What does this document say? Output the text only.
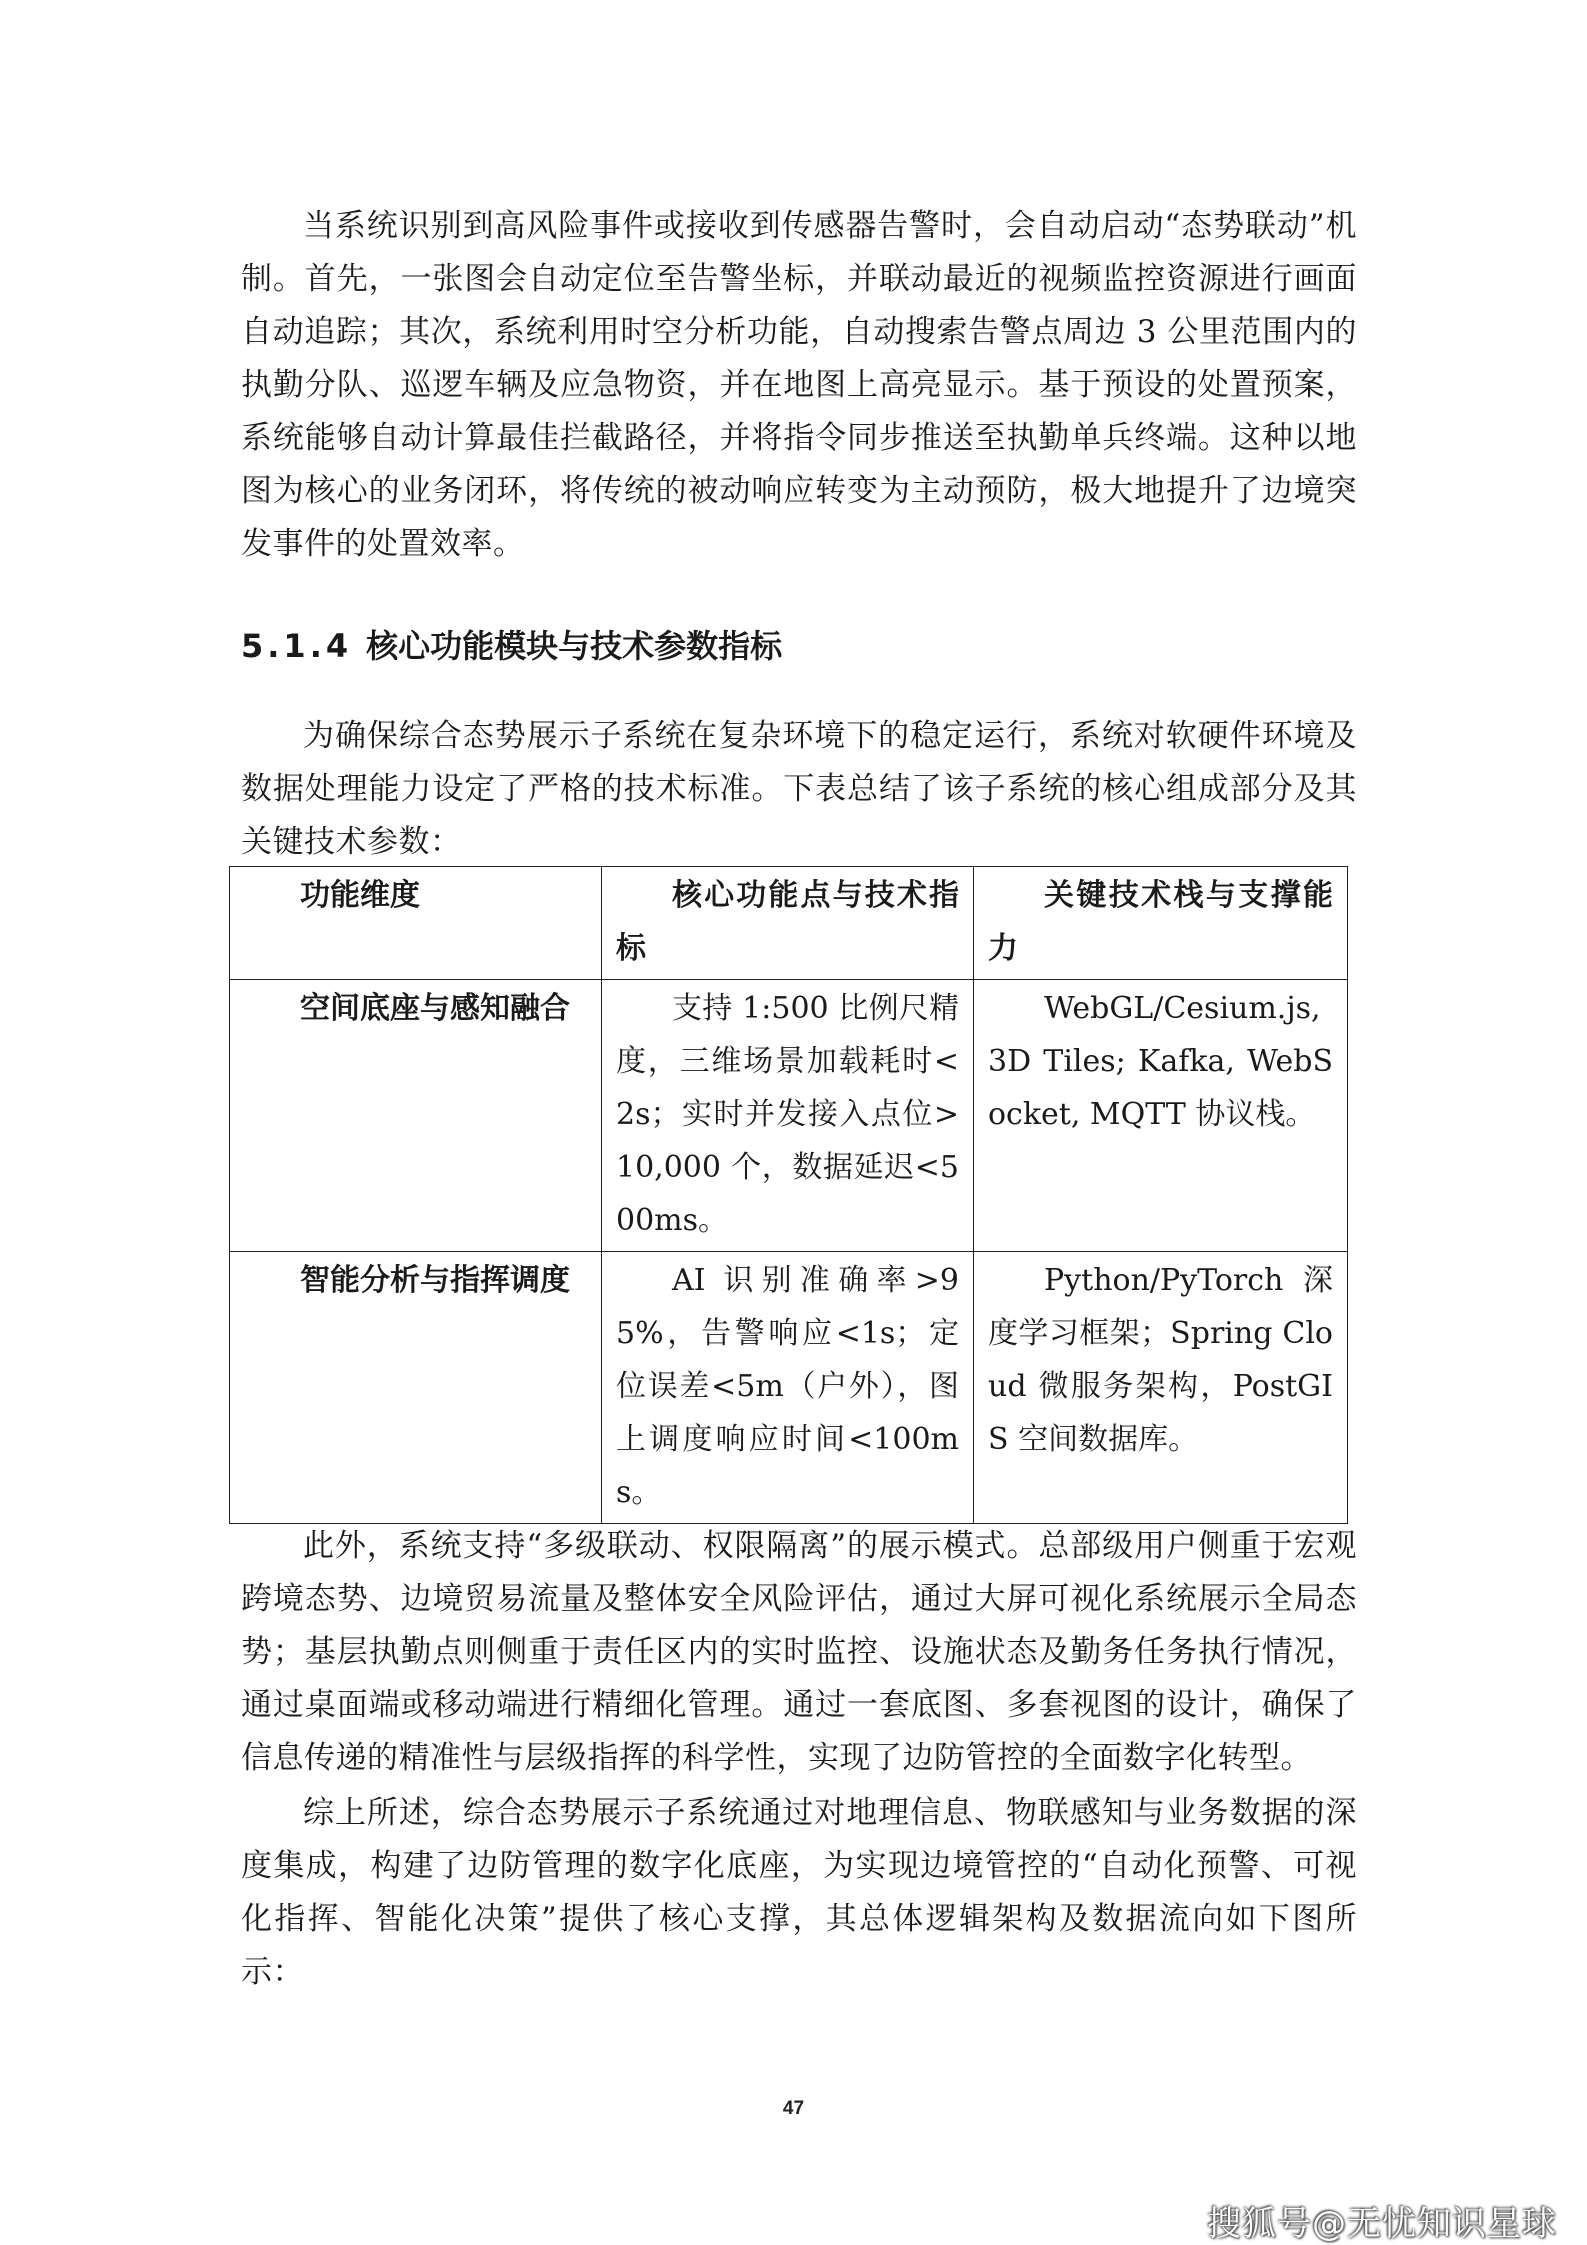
当系统识别到高风险事件或接收到传感器告警时，会自动启动“态势联动”机制。首先，一张图会自动定位至告警坐标，并联动最近的视频监控资源进行画面自动追踪；其次，系统利用时空分析功能，自动搜索告警点周边 3 公里范围内的执勤分队、巡逻车辆及应急物资，并在地图上高亮显示。基于预设的处置预案，系统能够自动计算最佳拦截路径，并将指令同步推送至执勤单兵终端。这种以地图为核心的业务闭环，将传统的被动响应转变为主动预防，极大地提升了边境突发事件的处置效率。

5.1.4 核心功能模块与技术参数指标

为确保综合态势展示子系统在复杂环境下的稳定运行，系统对软硬件环境及数据处理能力设定了严格的技术标准。下表总结了该子系统的核心组成部分及其关键技术参数：

功能维度	核心功能点与技术指标	关键技术栈与支撑能力
空间底座与感知融合	支持 1:500 比例尺精度，三维场景加载耗时<2s；实时并发接入点位>10,000 个，数据延迟<500ms。	WebGL/Cesium.js, 3D Tiles; Kafka, WebSocket, MQTT 协议栈。
智能分析与指挥调度	AI 识别准确率>95%，告警响应<1s；定位误差<5m（户外），图上调度响应时间<100ms。	Python/PyTorch 深度学习框架；Spring Cloud 微服务架构，PostGIS 空间数据库。

此外，系统支持“多级联动、权限隔离”的展示模式。总部级用户侧重于宏观跨境态势、边境贸易流量及整体安全风险评估，通过大屏可视化系统展示全局态势；基层执勤点则侧重于责任区内的实时监控、设施状态及勤务任务执行情况，通过桌面端或移动端进行精细化管理。通过一套底图、多套视图的设计，确保了信息传递的精准性与层级指挥的科学性，实现了边防管控的全面数字化转型。

综上所述，综合态势展示子系统通过对地理信息、物联感知与业务数据的深度集成，构建了边防管理的数字化底座，为实现边境管控的“自动化预警、可视化指挥、智能化决策”提供了核心支撑，其总体逻辑架构及数据流向如下图所示：

47
搜狐号@无忧知识星球
